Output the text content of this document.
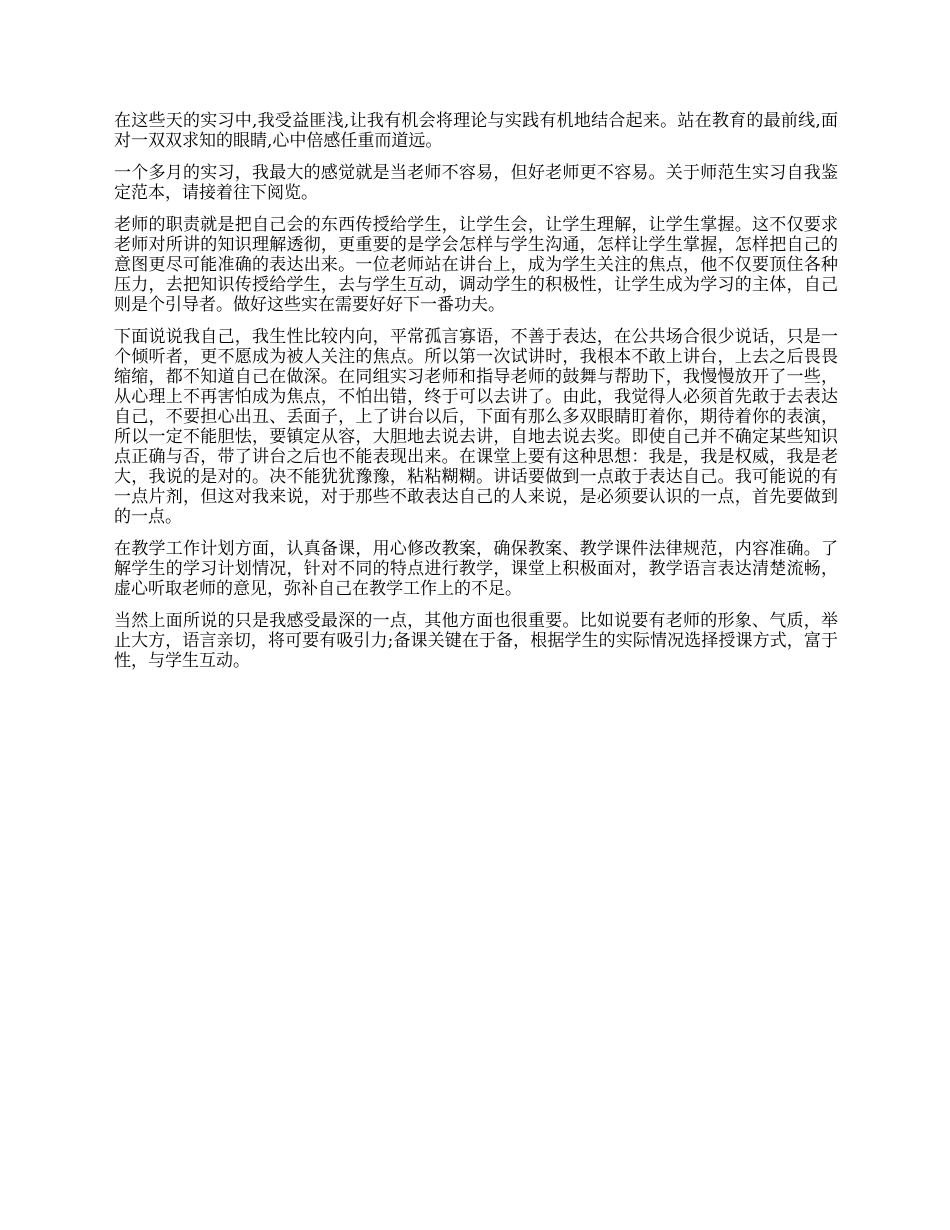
在这些天的实习中,我受益匪浅,让我有机会将理论与实践有机地结合起来。站在教育的最前线,面对一双双求知的眼睛,心中倍感任重而道远。

一个多月的实习，我最大的感觉就是当老师不容易，但好老师更不容易。关于师范生实习自我鉴定范本，请接着往下阅览。

老师的职责就是把自己会的东西传授给学生，让学生会，让学生理解，让学生掌握。这不仅要求老师对所讲的知识理解透彻，更重要的是学会怎样与学生沟通，怎样让学生掌握，怎样把自己的意图更尽可能准确的表达出来。一位老师站在讲台上，成为学生关注的焦点，他不仅要顶住各种压力，去把知识传授给学生，去与学生互动，调动学生的积极性，让学生成为学习的主体，自己则是个引导者。做好这些实在需要好好下一番功夫。

下面说说我自己，我生性比较内向，平常孤言寡语，不善于表达，在公共场合很少说话，只是一个倾听者，更不愿成为被人关注的焦点。所以第一次试讲时，我根本不敢上讲台，上去之后畏畏缩缩，都不知道自己在做深。在同组实习老师和指导老师的鼓舞与帮助下，我慢慢放开了一些，从心理上不再害怕成为焦点，不怕出错，终于可以去讲了。由此，我觉得人必须首先敢于去表达自己，不要担心出丑、丢面子，上了讲台以后，下面有那么多双眼睛盯着你，期待着你的表演，所以一定不能胆怯，要镇定从容，大胆地去说去讲，自地去说去奖。即使自己并不确定某些知识点正确与否，带了讲台之后也不能表现出来。在课堂上要有这种思想：我是，我是权威，我是老大，我说的是对的。决不能犹犹豫豫，粘粘糊糊。讲话要做到一点敢于表达自己。我可能说的有一点片剂，但这对我来说，对于那些不敢表达自己的人来说，是必须要认识的一点，首先要做到的一点。

在教学工作计划方面，认真备课，用心修改教案，确保教案、教学课件法律规范，内容准确。了解学生的学习计划情况，针对不同的特点进行教学，课堂上积极面对，教学语言表达清楚流畅，虚心听取老师的意见，弥补自己在教学工作上的不足。

当然上面所说的只是我感受最深的一点，其他方面也很重要。比如说要有老师的形象、气质，举止大方，语言亲切，将可要有吸引力;备课关键在于备，根据学生的实际情况选择授课方式，富于性，与学生互动。
